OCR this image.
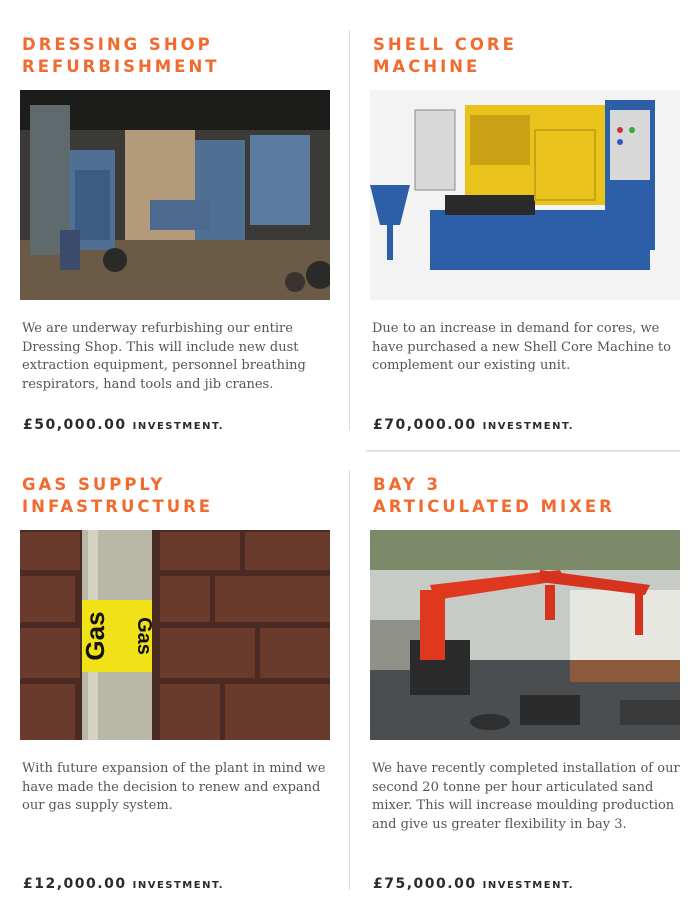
DRESSING SHOP
REFURBISHMENT
We are underway refurbishing our entire Dressing Shop. This will include new dust extraction equipment, personnel breathing respirators, hand tools and jib cranes.
£50,000.00 INVESTMENT.
SHELL CORE
MACHINE
Due to an increase in demand for cores, we have purchased a new Shell Core Machine to complement our existing unit.
£70,000.00 INVESTMENT.
GAS SUPPLY
INFASTRUCTURE
Gas Gas
With future expansion of the plant in mind we have made the decision to renew and expand our gas supply system.
£12,000.00 INVESTMENT.
BAY 3
ARTICULATED MIXER
We have recently completed installation of our second 20 tonne per hour articulated sand mixer. This will increase moulding production and give us greater flexibility in bay 3.
£75,000.00 INVESTMENT.
